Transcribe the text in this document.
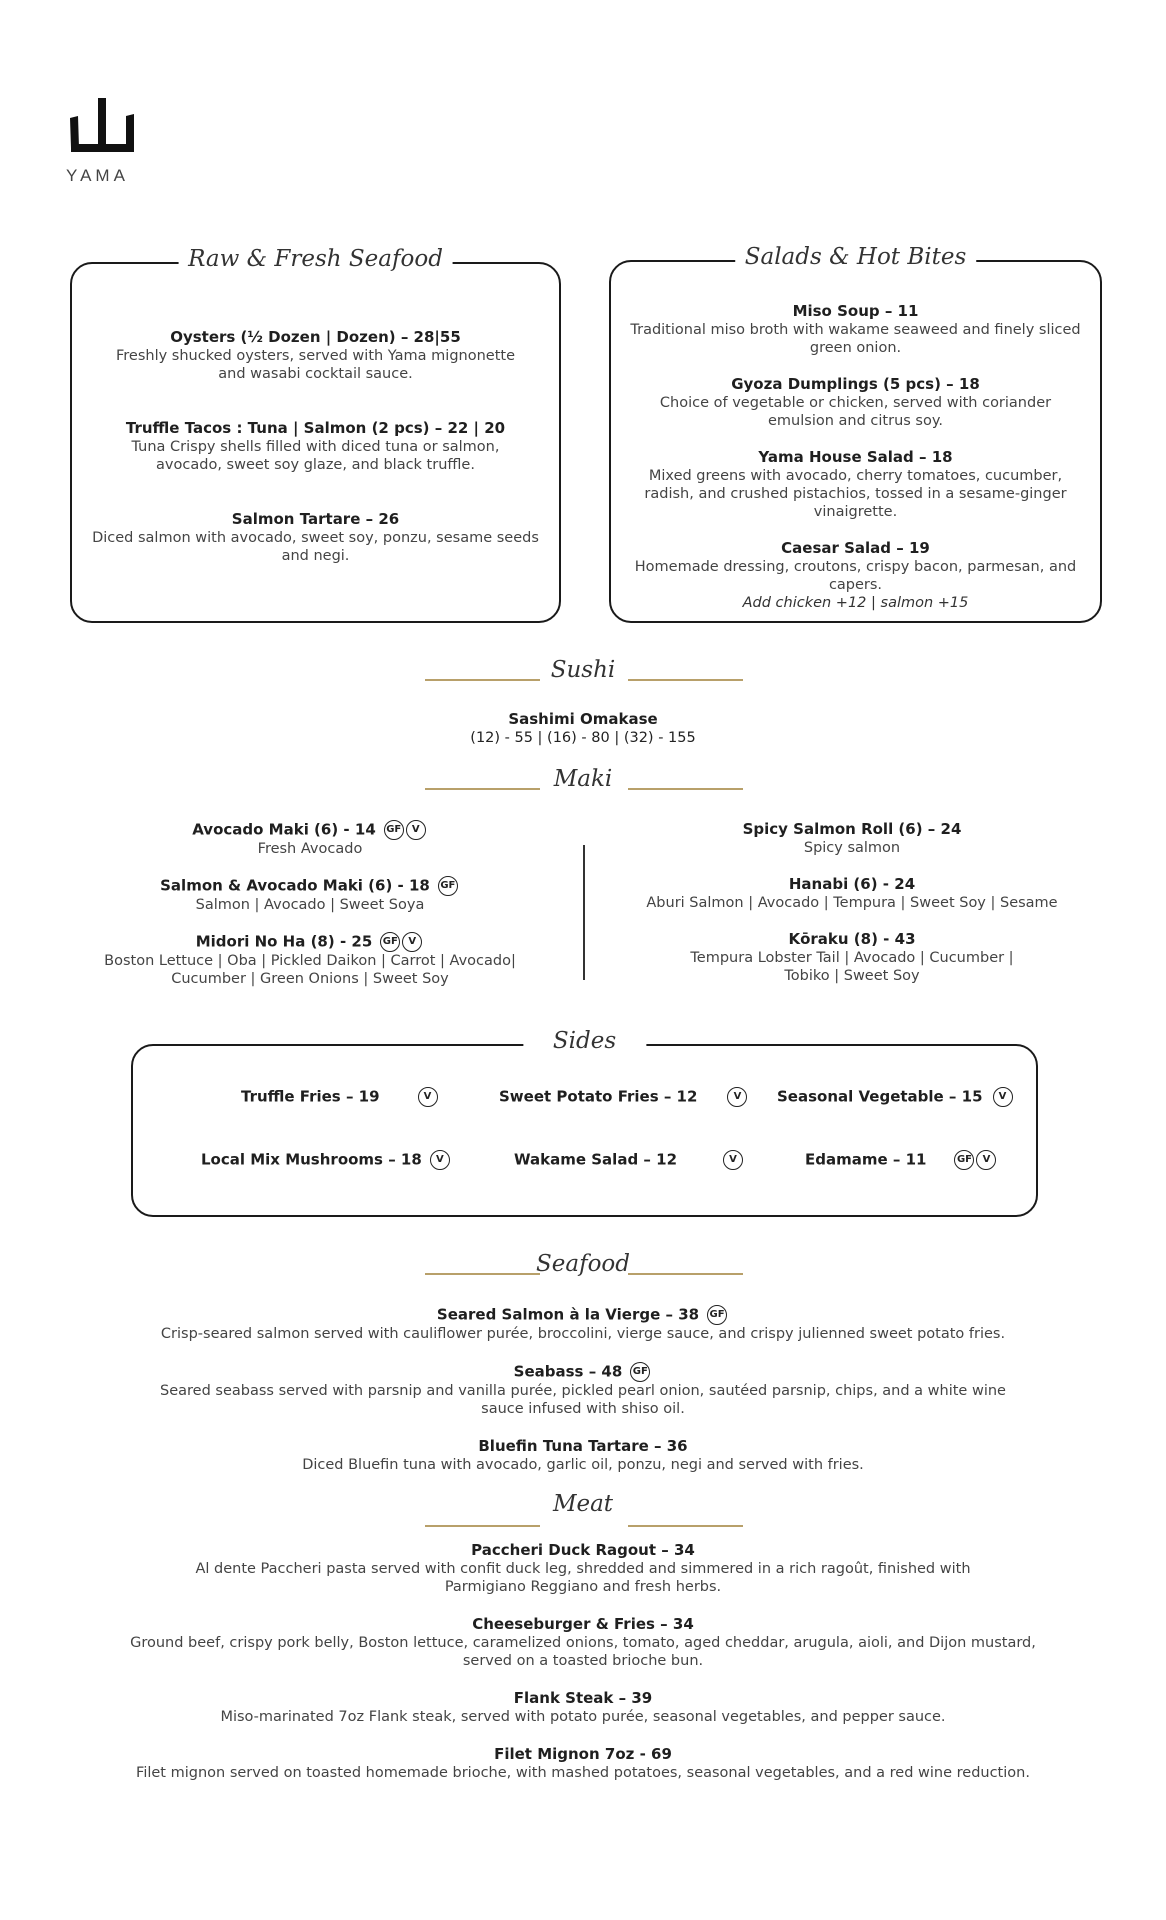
YAMA
Raw & Fresh Seafood
Oysters (½ Dozen | Dozen) – 28|55
Freshly shucked oysters, served with Yama mignonette and wasabi cocktail sauce.
Truffle Tacos : Tuna | Salmon (2 pcs) – 22 | 20
Tuna Crispy shells filled with diced tuna or salmon, avocado, sweet soy glaze, and black truffle.
Salmon Tartare – 26
Diced salmon with avocado, sweet soy, ponzu, sesame seeds and negi.
Salads & Hot Bites
Miso Soup – 11
Traditional miso broth with wakame seaweed and finely sliced green onion.
Gyoza Dumplings (5 pcs) – 18
Choice of vegetable or chicken, served with coriander emulsion and citrus soy.
Yama House Salad – 18
Mixed greens with avocado, cherry tomatoes, cucumber, radish, and crushed pistachios, tossed in a sesame-ginger vinaigrette.
Caesar Salad – 19
Homemade dressing, croutons, crispy bacon, parmesan, and capers.
Add chicken +12 | salmon +15
Sushi
Sashimi Omakase
(12) - 55 | (16) - 80 | (32) - 155
Maki
Avocado Maki (6) - 14 GF V
Fresh Avocado
Salmon & Avocado Maki (6) - 18 GF
Salmon | Avocado | Sweet Soya
Midori No Ha (8) - 25 GF V
Boston Lettuce | Oba | Pickled Daikon | Carrot | Avocado| Cucumber | Green Onions | Sweet Soy
Spicy Salmon Roll (6) – 24
Spicy salmon
Hanabi (6) - 24
Aburi Salmon | Avocado | Tempura | Sweet Soy | Sesame
Kōraku (8) - 43
Tempura Lobster Tail | Avocado | Cucumber | Tobiko | Sweet Soy
Sides
Truffle Fries – 19	V	Sweet Potato Fries – 12	V	Seasonal Vegetable – 15 V
Local Mix Mushrooms – 18 V	Wakame Salad – 12	V	Edamame – 11	GF V
Seafood
Seared Salmon à la Vierge – 38 GF
Crisp-seared salmon served with cauliflower purée, broccolini, vierge sauce, and crispy julienned sweet potato fries.
Seabass – 48 GF
Seared seabass served with parsnip and vanilla purée, pickled pearl onion, sautéed parsnip, chips, and a white wine sauce infused with shiso oil.
Bluefin Tuna Tartare – 36
Diced Bluefin tuna with avocado, garlic oil, ponzu, negi and served with fries.
Meat
Paccheri Duck Ragout – 34
Al dente Paccheri pasta served with confit duck leg, shredded and simmered in a rich ragoût, finished with Parmigiano Reggiano and fresh herbs.
Cheeseburger & Fries – 34
Ground beef, crispy pork belly, Boston lettuce, caramelized onions, tomato, aged cheddar, arugula, aioli, and Dijon mustard, served on a toasted brioche bun.
Flank Steak – 39
Miso-marinated 7oz Flank steak, served with potato purée, seasonal vegetables, and pepper sauce.
Filet Mignon 7oz - 69
Filet mignon served on toasted homemade brioche, with mashed potatoes, seasonal vegetables, and a red wine reduction.
